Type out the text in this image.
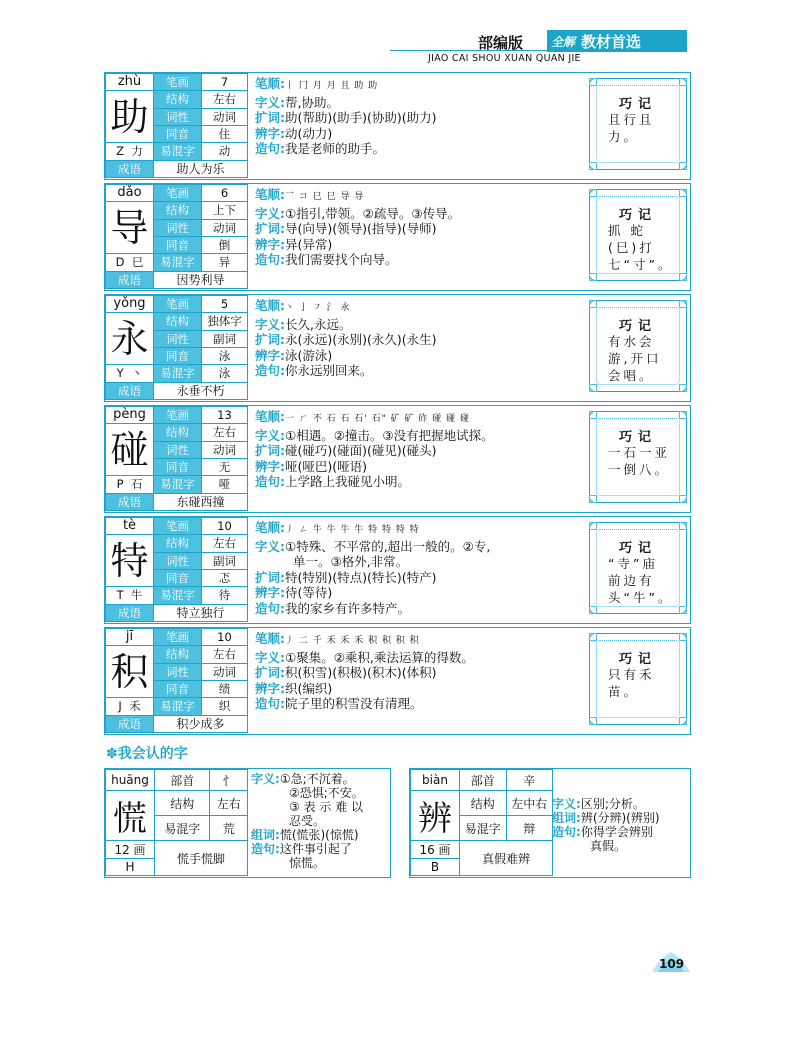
部编版	全解 教材首选
JIAO CAI SHOU XUAN QUAN JIE
zhù	笔画	7
助	结构	左右
	词性	动词
	同音	住
Z 力	易混字	动
成语	助人为乐	
笔顺:丨 冂 月 月 且 助 助
字义:帮,协助。
扩词:助(帮助)(助手)(协助)(助力)
辨字:动(动力)
造句:我是老师的助手。
巧记
且行且力。
dǎo	笔画	6
导	结构	上下
	词性	动词
	同音	倒
D 巳	易混字	异
成语	因势利导	
笔顺:乛 コ 巳 巳 导 导
字义:①指引,带领。②疏导。③传导。
扩词:导(向导)(领导)(指导)(导师)
辨字:异(异常)
造句:我们需要找个向导。
巧记
抓 蛇 (巳)打 七“寸”。
yǒng	笔画	5
永	结构	独体字
	词性	副词
	同音	泳
Y 丶	易混字	泳
成语	永垂不朽	
笔顺:丶 亅 ㇇ 氵 永
字义:长久,永远。
扩词:永(永远)(永别)(永久)(永生)
辨字:泳(游泳)
造句:你永远别回来。
巧记
有水会游,开口会唱。
pèng	笔画	13
碰	结构	左右
	词性	动词
	同音	无
P 石	易混字	哑
成语	东碰西撞	
笔顺:一 ㄏ 不 石 石 石' 石" 矿 矿 砟 碰 碰 碰
字义:①相遇。②撞击。③没有把握地试探。
扩词:碰(碰巧)(碰面)(碰见)(碰头)
辨字:哑(哑巴)(哑语)
造句:上学路上我碰见小明。
巧记
一石一亚一倒八。
tè	笔画	10
特	结构	左右
	词性	副词
	同音	忑
T 牛	易混字	待
成语	特立独行	
笔顺:丿 ㄥ 牛 牛 牛 牛 特 特 特 特
字义:①特殊、不平常的,超出一般的。②专,
单一。③格外,非常。
扩词:特(特别)(特点)(特长)(特产)
辨字:待(等待)
造句:我的家乡有许多特产。
巧记
“寺”庙前边有头“牛”。
jī	笔画	10
积	结构	左右
	词性	动词
	同音	绩
J 禾	易混字	织
成语	积少成多	
笔顺:丿 二 千 禾 禾 禾 积 积 积 积
字义:①聚集。②乘积,乘法运算的得数。
扩词:积(积雪)(积极)(积木)(体积)
辨字:织(编织)
造句:院子里的积雪没有清理。
巧记
只有禾苗。
✽我会认的字
huāng	部首	忄
慌	结构	左右
	易混字	荒
12 画	慌手慌脚	
H		
字义:①急;不沉着。
②恐惧;不安。
③ 表 示 难 以
忍受。
组词:慌(慌张)(惊慌)
造句:这件事引起了
惊慌。
biàn	部首	辛
辨	结构	左中右
	易混字	辩
16 画	真假难辨	
B		
字义:区别;分析。
组词:辨(分辨)(辨别)
造句:你得学会辨别
真假。
109
